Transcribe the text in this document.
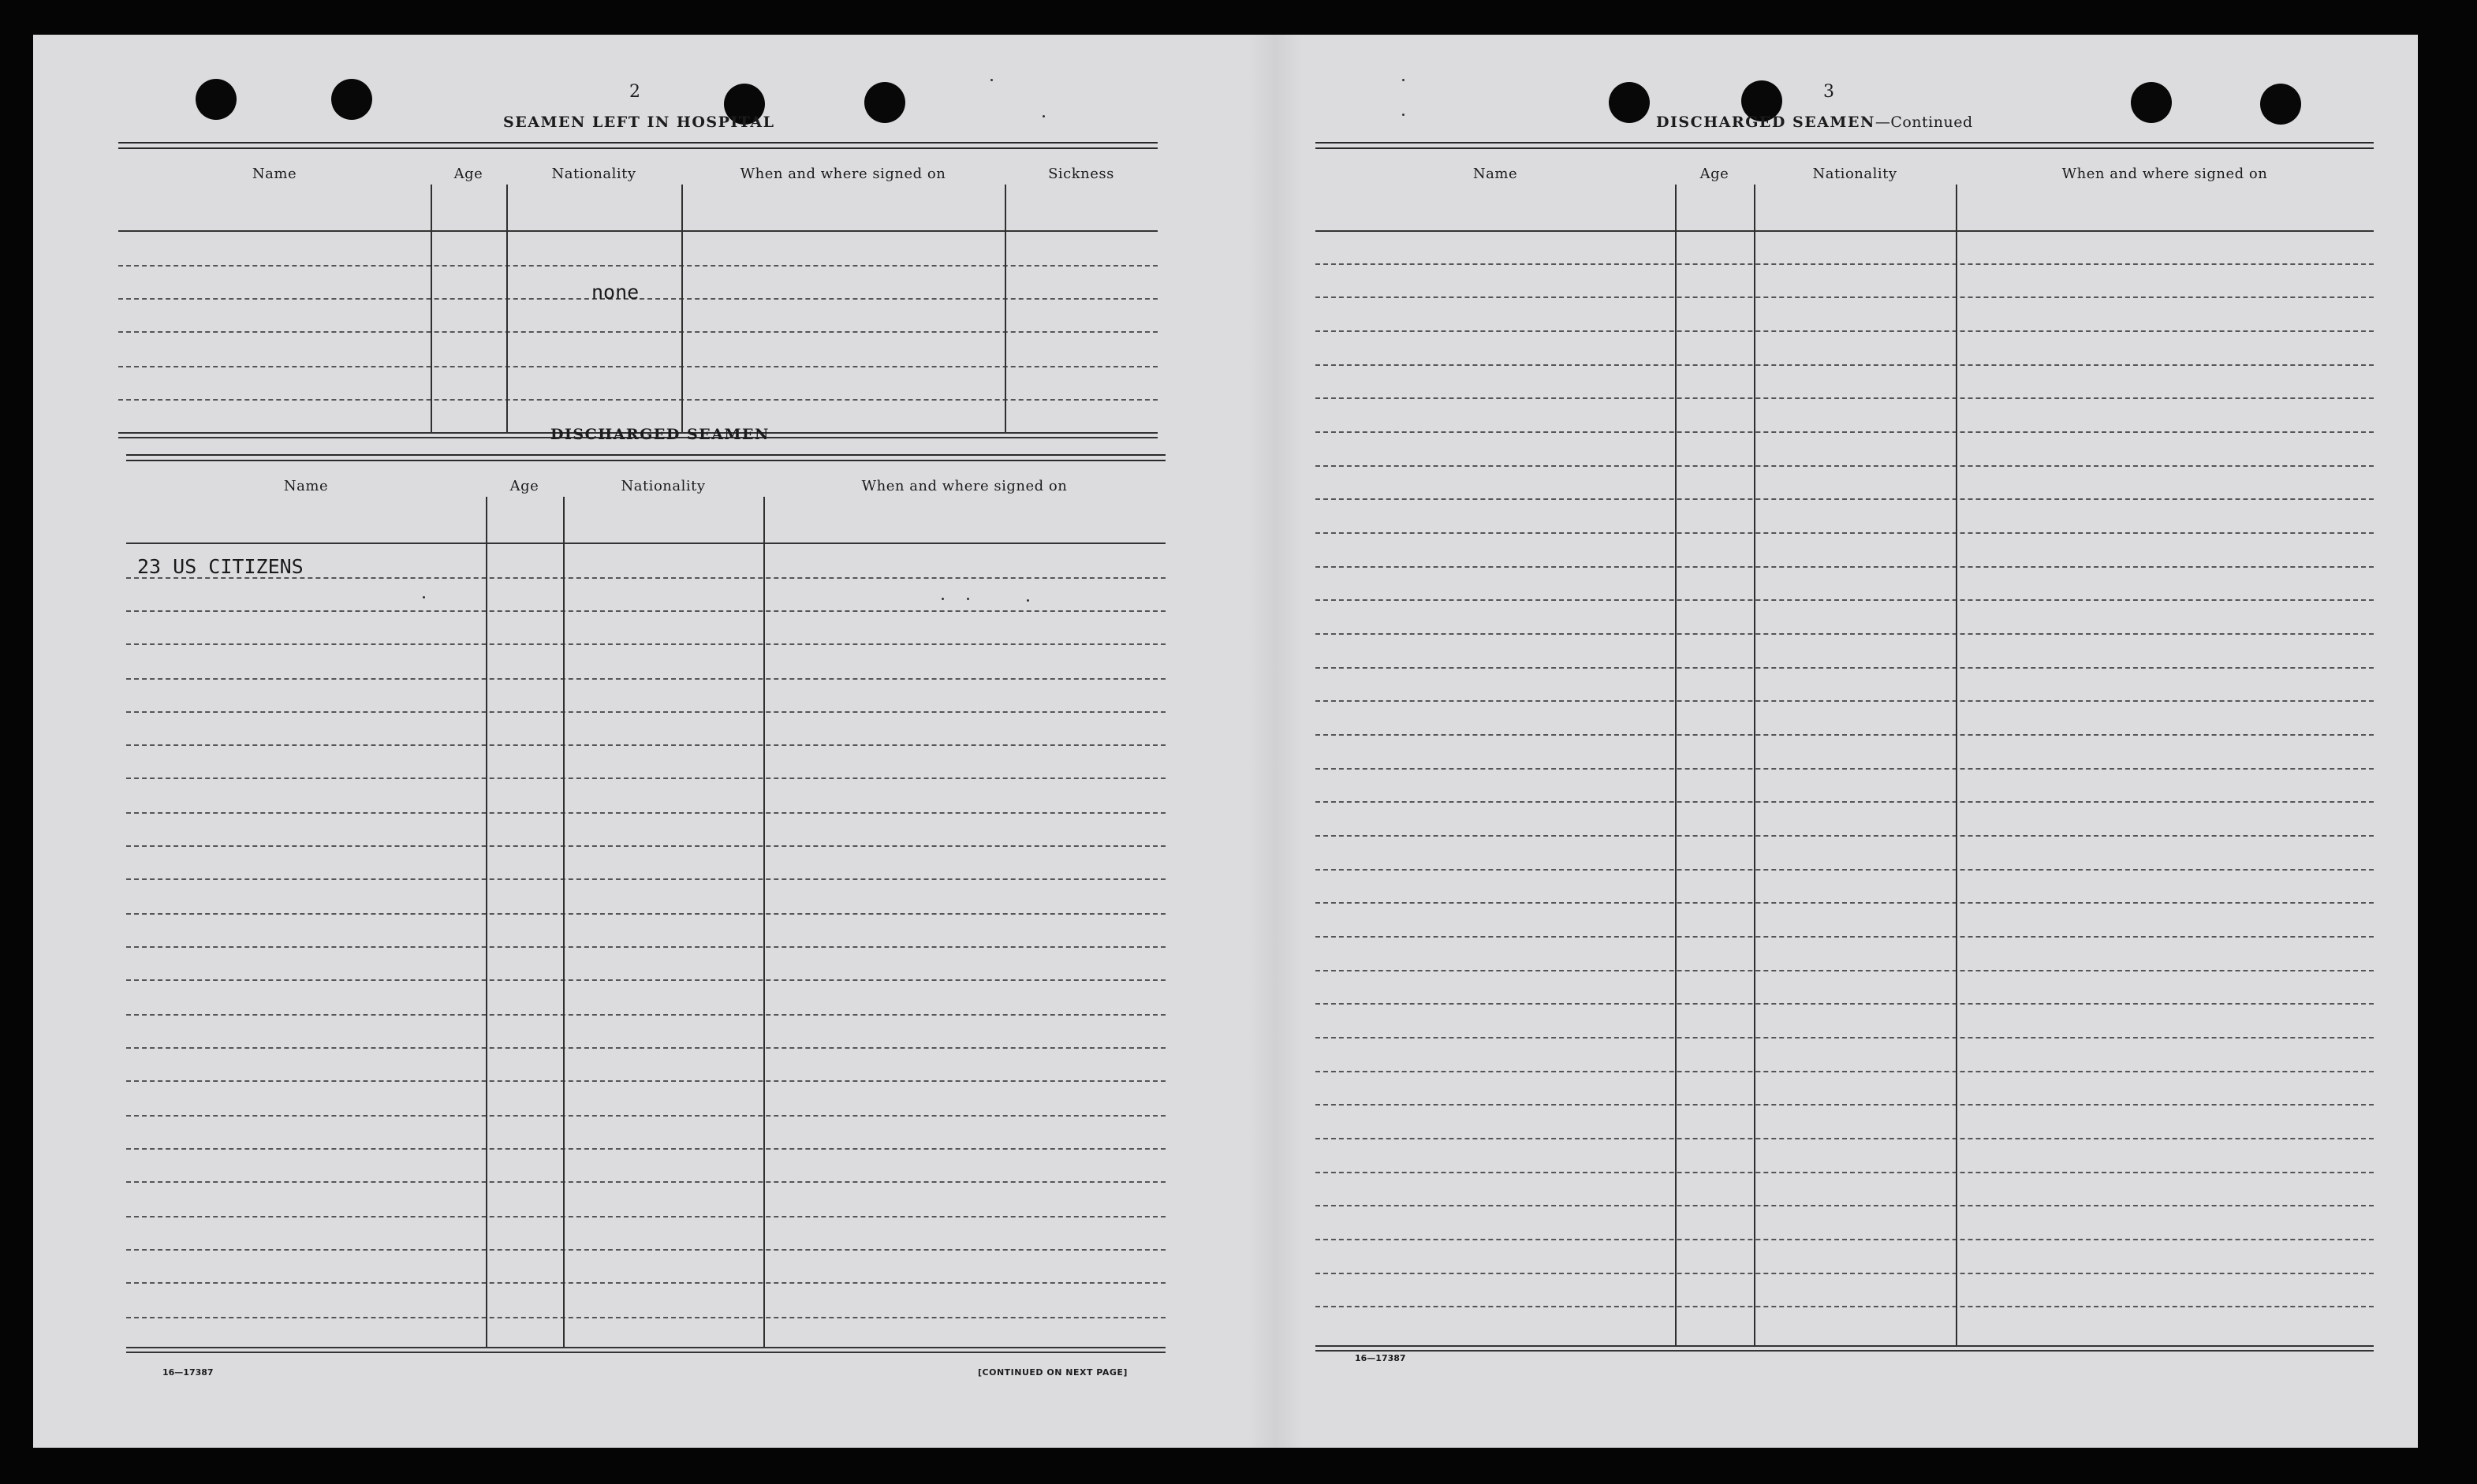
2
SEAMEN LEFT IN HOSPITAL
Name	Age	Nationality	When and where signed on	Sickness
none
DISCHARGED SEAMEN
Name	Age	Nationality	When and where signed on
23 US CITIZENS
16—17387	[CONTINUED ON NEXT PAGE]
3
DISCHARGED SEAMEN—Continued
Name	Age	Nationality	When and where signed on
16—17387
